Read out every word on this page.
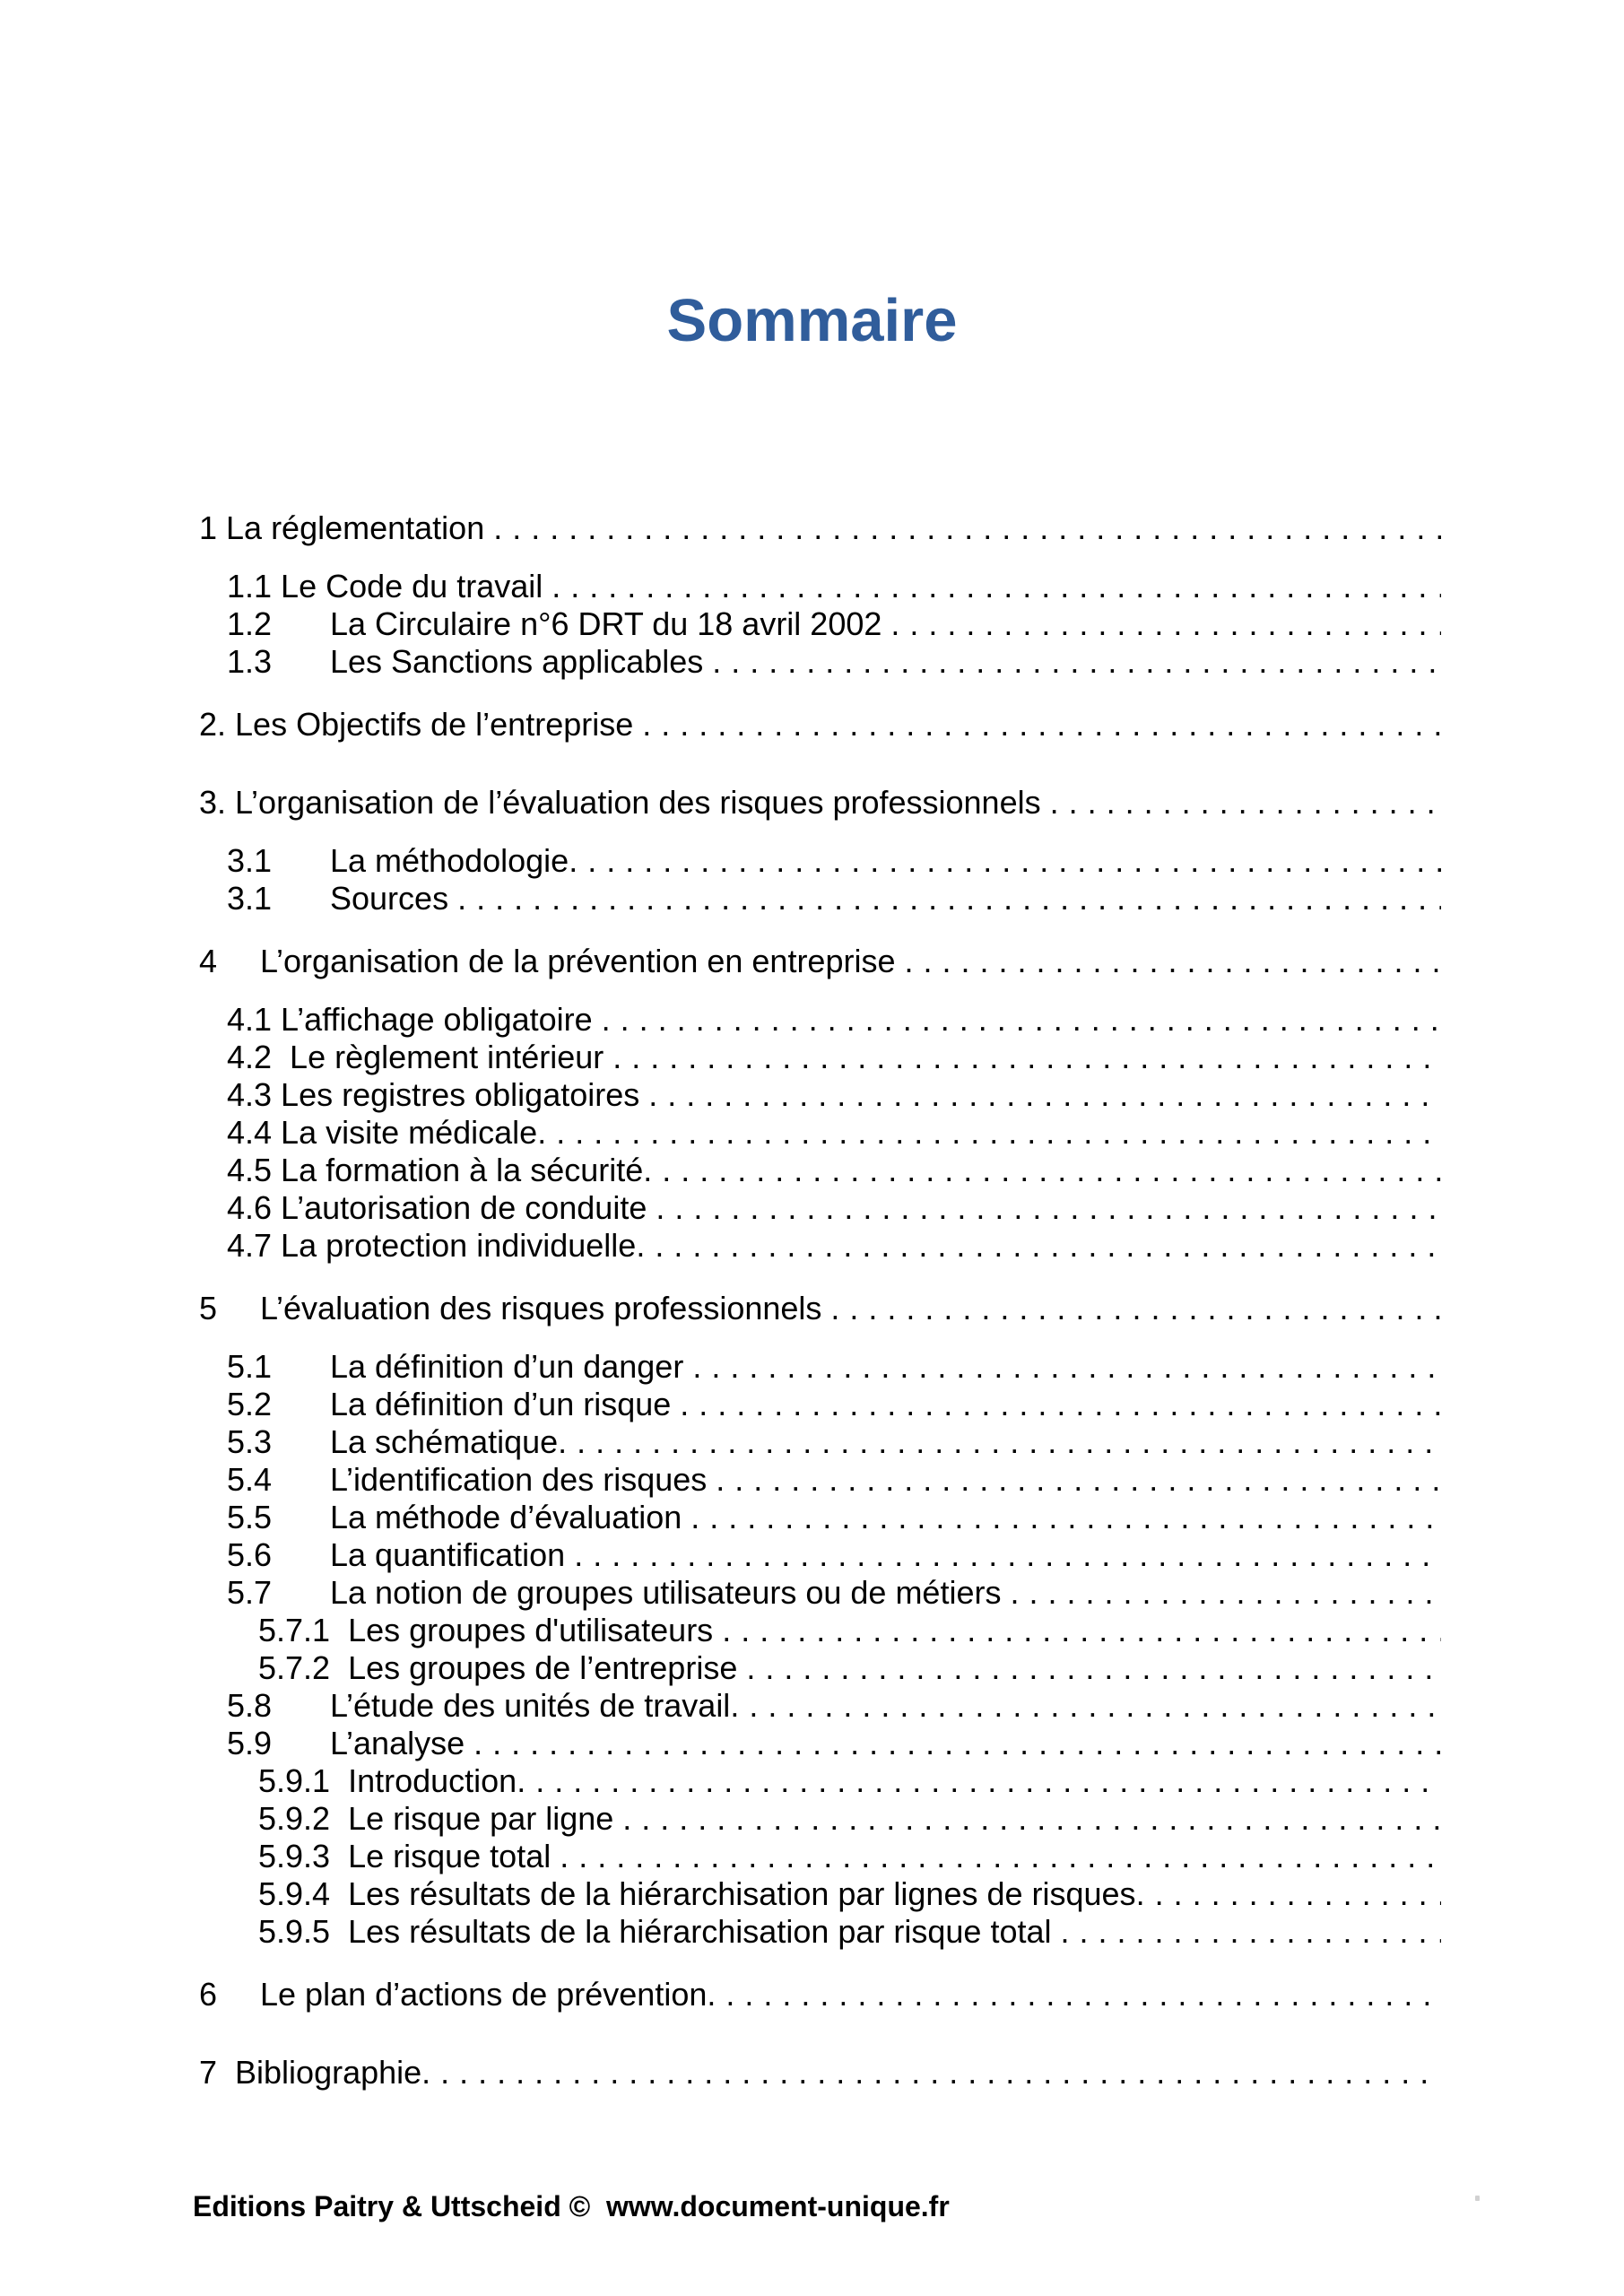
Sommaire
1 La réglementation
.....
1.1 Le Code du travail
.....
1.2	La Circulaire n°6 DRT du 18 avril 2002
.....
1.3	Les Sanctions applicables
.....
2. Les Objectifs de l’entreprise
.....
3. L’organisation de l’évaluation des risques professionnels
.....
3.1	La méthodologie
.....
3.1	Sources
.....
4	L’organisation de la prévention en entreprise
.....
4.1 L’affichage obligatoire
.....
4.2  Le règlement intérieur
.....
4.3 Les registres obligatoires
.....
4.4 La visite médicale
.....
4.5 La formation à la sécurité
.....
4.6 L’autorisation de conduite
.....
4.7 La protection individuelle
.....
5	L’évaluation des risques professionnels
.....
5.1	La définition d’un danger
.....
5.2	La définition d’un risque
.....
5.3	La schématique
.....
5.4	L’identification des risques
.....
5.5	La méthode d’évaluation
.....
5.6	La quantification
.....
5.7	La notion de groupes utilisateurs ou de métiers
.....
5.7.1  Les groupes d'utilisateurs
.....
5.7.2  Les groupes de l’entreprise
.....
5.8	L’étude des unités de travail
.....
5.9	L’analyse
.....
5.9.1  Introduction
.....
5.9.2  Le risque par ligne
.....
5.9.3  Le risque total
.....
5.9.4  Les résultats de la hiérarchisation par lignes de risques
.....
5.9.5  Les résultats de la hiérarchisation par risque total
.....
6	Le plan d’actions de prévention
.....
7  Bibliographie
.....
Editions Paitry & Uttscheid ©  www.document-unique.fr
